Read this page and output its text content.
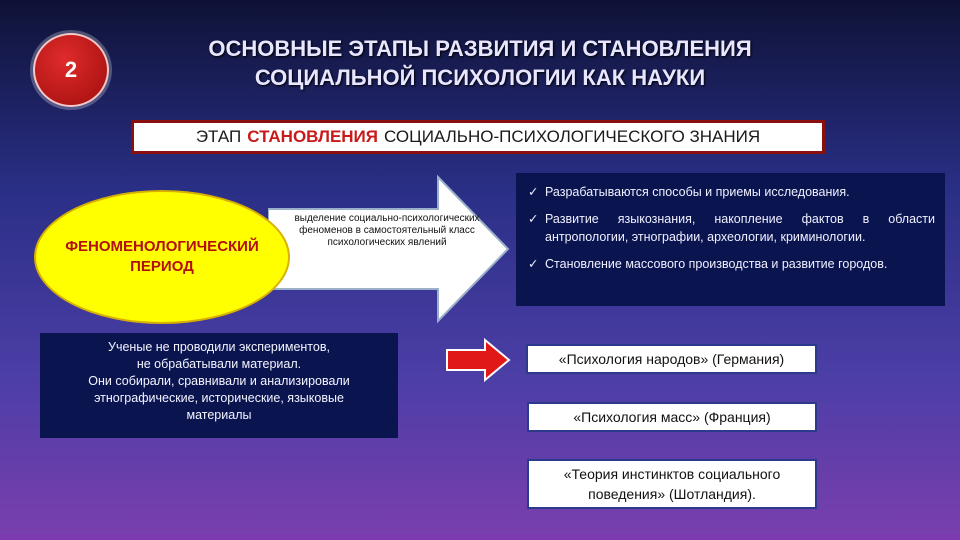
2
ОСНОВНЫЕ ЭТАПЫ РАЗВИТИЯ И СТАНОВЛЕНИЯ
СОЦИАЛЬНОЙ ПСИХОЛОГИИ КАК НАУКИ
ЭТАП СТАНОВЛЕНИЯ СОЦИАЛЬНО-ПСИХОЛОГИЧЕСКОГО ЗНАНИЯ
ФЕНОМЕНОЛОГИЧЕСКИЙ
ПЕРИОД
выделение социально-психологических феноменов в самостоятельный класс психологических явлений
✓ Разрабатываются способы и приемы исследования.
✓ Развитие языкознания, накопление фактов в области антропологии, этнографии, археологии, криминологии.
✓ Становление массового производства и развитие городов.
Ученые не проводили экспериментов,
не обрабатывали материал.
Они собирали, сравнивали и анализировали
этнографические, исторические, языковые
материалы
«Психология народов» (Германия)
«Психология масс» (Франция)
«Теория инстинктов социального поведения» (Шотландия).
